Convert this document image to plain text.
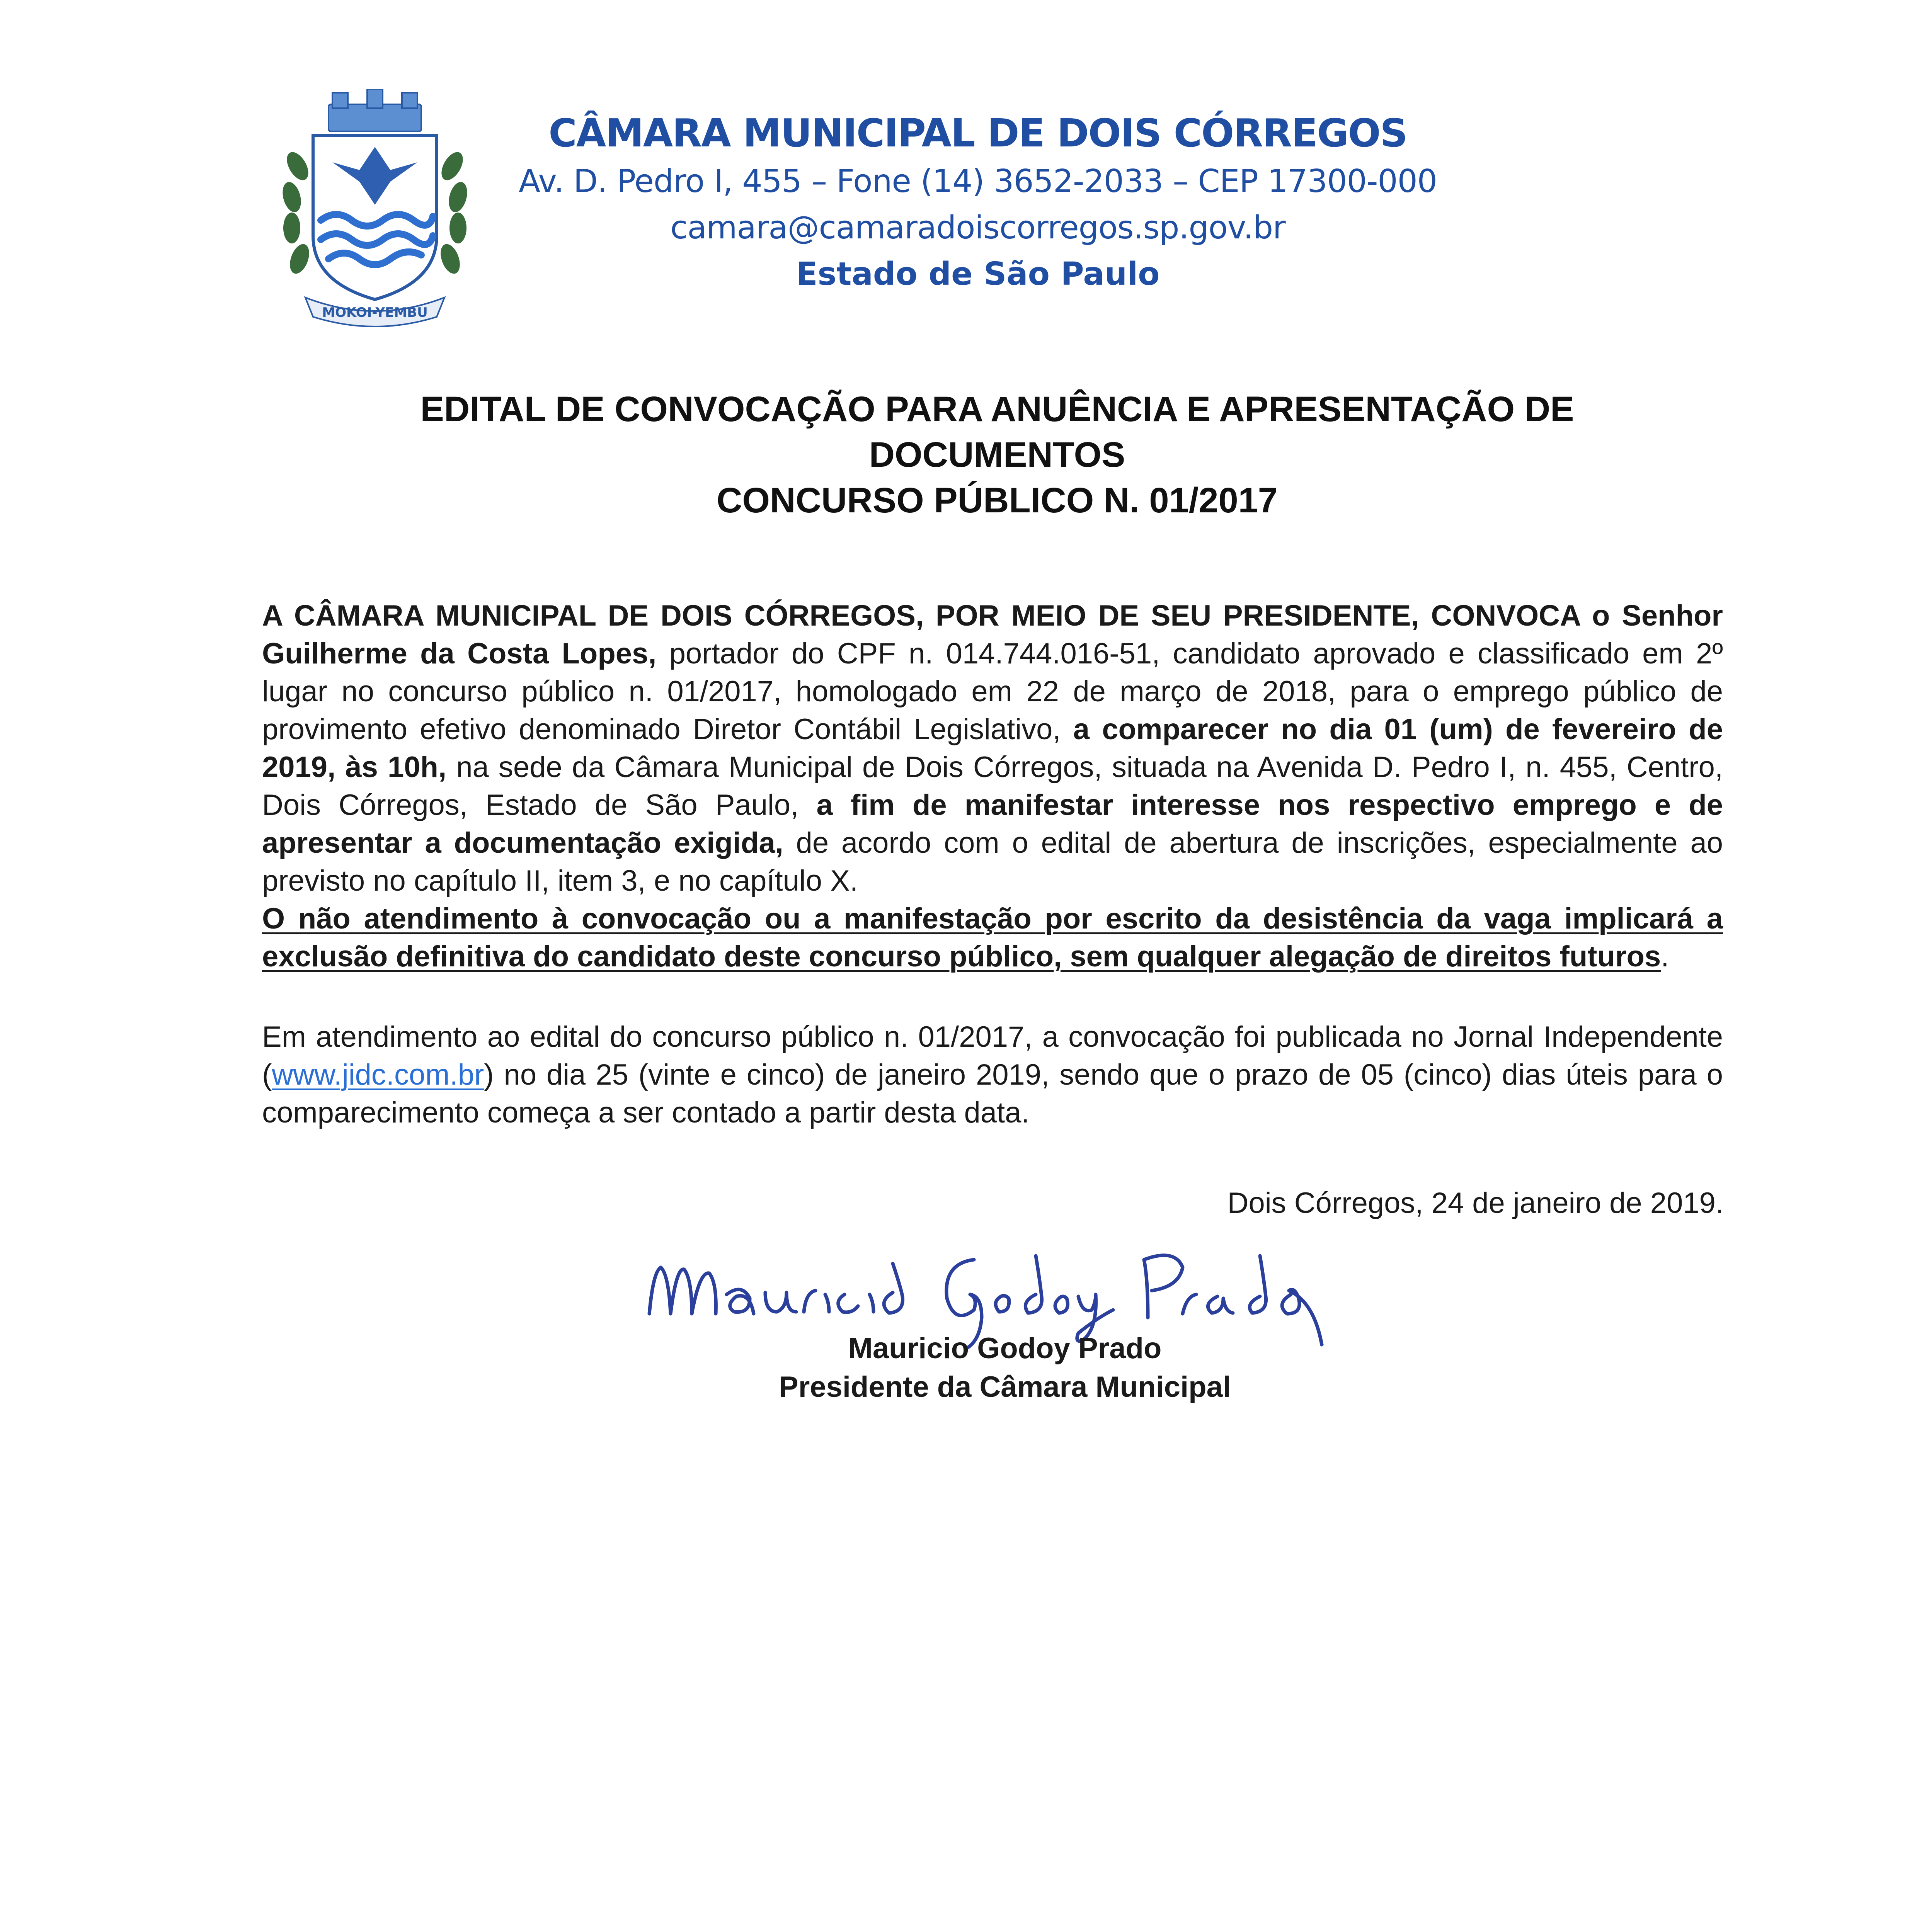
MOKOI-YEMBU
CÂMARA MUNICIPAL DE DOIS CÓRREGOS
Av. D. Pedro I, 455 – Fone (14) 3652-2033 – CEP 17300-000
camara@camaradoiscorregos.sp.gov.br
Estado de São Paulo
EDITAL DE CONVOCAÇÃO PARA ANUÊNCIA E APRESENTAÇÃO DE
DOCUMENTOS
CONCURSO PÚBLICO N. 01/2017

A CÂMARA MUNICIPAL DE DOIS CÓRREGOS, POR MEIO DE SEU PRESIDENTE, CONVOCA o Senhor Guilherme da Costa Lopes, portador do CPF n. 014.744.016-51, candidato aprovado e classificado em 2º lugar no concurso público n. 01/2017, homologado em 22 de março de 2018, para o emprego público de provimento efetivo denominado Diretor Contábil Legislativo, a comparecer no dia 01 (um) de fevereiro de 2019, às 10h, na sede da Câmara Municipal de Dois Córregos, situada na Avenida D. Pedro I, n. 455, Centro, Dois Córregos, Estado de São Paulo, a fim de manifestar interesse nos respectivo emprego e de apresentar a documentação exigida, de acordo com o edital de abertura de inscrições, especialmente ao previsto no capítulo II, item 3, e no capítulo X.
O não atendimento à convocação ou a manifestação por escrito da desistência da vaga implicará a exclusão definitiva do candidato deste concurso público, sem qualquer alegação de direitos futuros.

Em atendimento ao edital do concurso público n. 01/2017, a convocação foi publicada no Jornal Independente (www.jidc.com.br) no dia 25 (vinte e cinco) de janeiro 2019, sendo que o prazo de 05 (cinco) dias úteis para o comparecimento começa a ser contado a partir desta data.

Dois Córregos, 24 de janeiro de 2019.
Mauricio Godoy Prado
Presidente da Câmara Municipal
